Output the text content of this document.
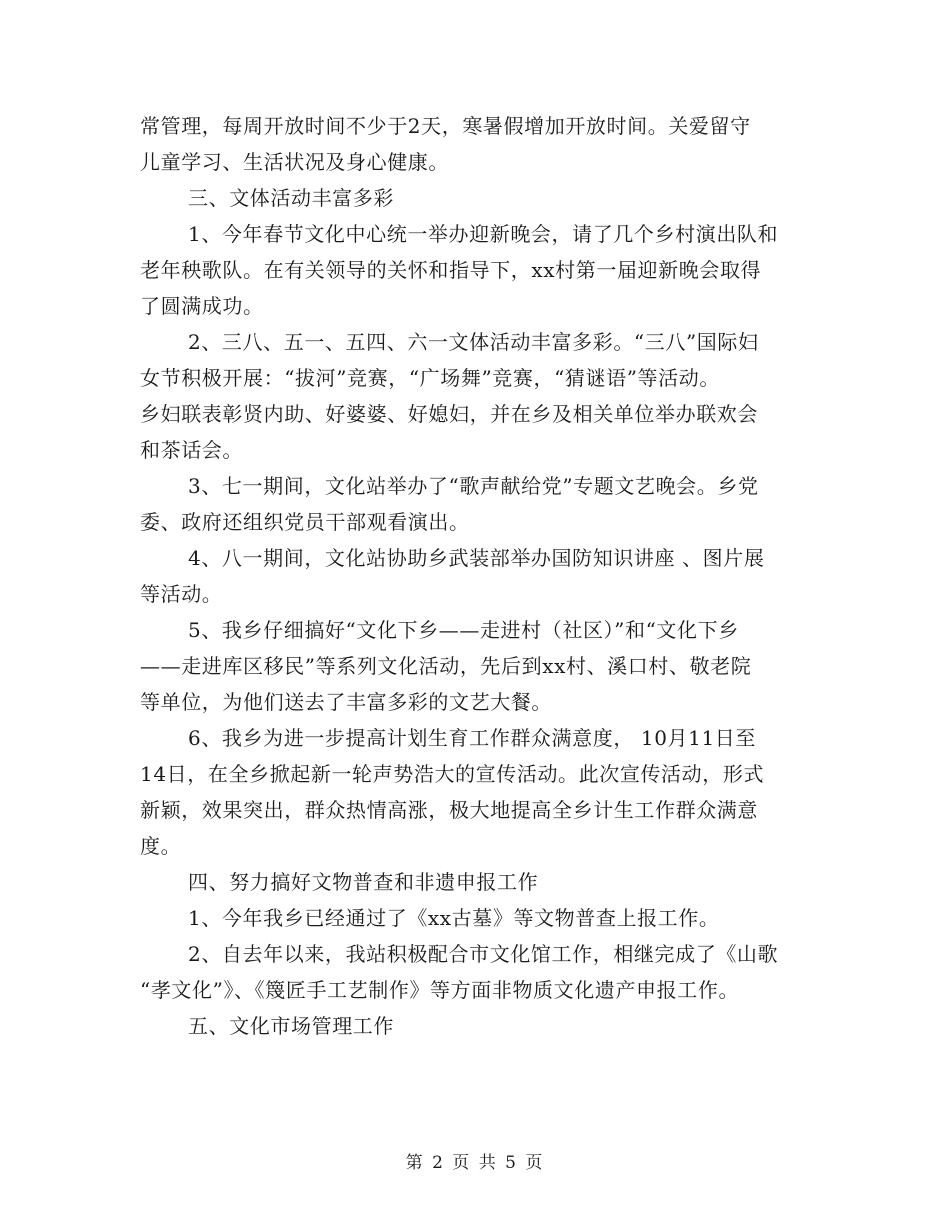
常管理，每周开放时间不少于2天，寒暑假增加开放时间。关爱留守
儿童学习、生活状况及身心健康。
三、文体活动丰富多彩
1、今年春节文化中心统一举办迎新晚会，请了几个乡村演出队和
老年秧歌队。在有关领导的关怀和指导下，xx村第一届迎新晚会取得
了圆满成功。
2、三八、五一、五四、六一文体活动丰富多彩。“三八”国际妇
女节积极开展：“拔河”竞赛，“广场舞”竞赛，“猜谜语”等活动。
乡妇联表彰贤内助、好婆婆、好媳妇，并在乡及相关单位举办联欢会
和茶话会。
3、七一期间，文化站举办了“歌声献给党”专题文艺晚会。乡党
委、政府还组织党员干部观看演出。
4、八一期间，文化站协助乡武装部举办国防知识讲座 、图片展
等活动。
5、我乡仔细搞好“文化下乡——走进村（社区）”和“文化下乡
——走进库区移民”等系列文化活动，先后到xx村、溪口村、敬老院
等单位，为他们送去了丰富多彩的文艺大餐。
6、我乡为进一步提高计划生育工作群众满意度， 10月11日至
14日，在全乡掀起新一轮声势浩大的宣传活动。此次宣传活动，形式
新颖，效果突出，群众热情高涨，极大地提高全乡计生工作群众满意
度。
四、努力搞好文物普查和非遗申报工作
1、今年我乡已经通过了《xx古墓》等文物普查上报工作。
2、自去年以来，我站积极配合市文化馆工作，相继完成了《山歌
“孝文化”》、《篾匠手工艺制作》等方面非物质文化遗产申报工作。
五、文化市场管理工作
第 2 页 共 5 页
